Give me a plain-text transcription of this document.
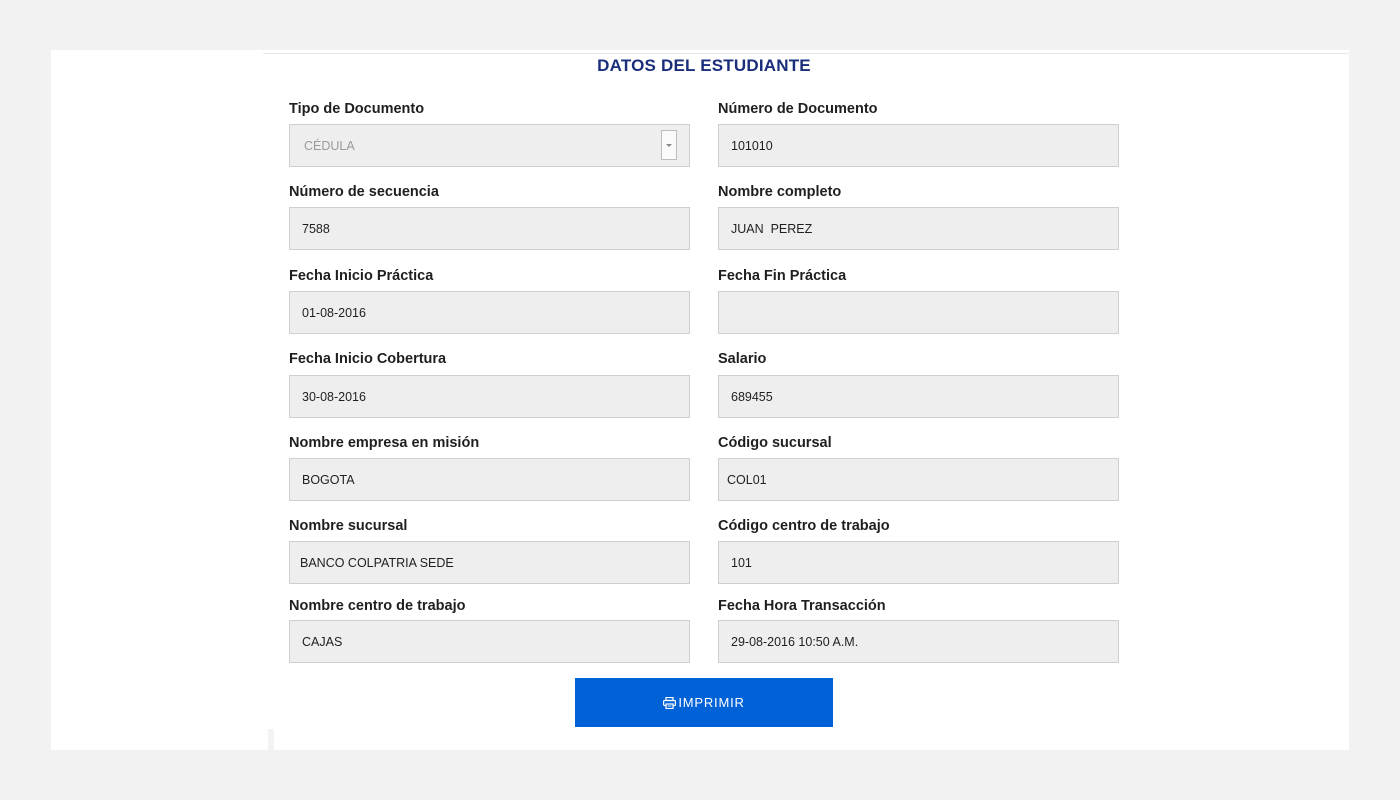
DATOS DEL ESTUDIANTE
Tipo de Documento
CÉDULA
Número de Documento
101010
Número de secuencia
7588
Nombre completo
JUAN  PEREZ
Fecha Inicio Práctica
01-08-2016
Fecha Fin Práctica
Fecha Inicio Cobertura
30-08-2016
Salario
689455
Nombre empresa en misión
BOGOTA
Código sucursal
COL01
Nombre sucursal
BANCO COLPATRIA SEDE
Código centro de trabajo
101
Nombre centro de trabajo
CAJAS
Fecha Hora Transacción
29-08-2016 10:50 A.M.
IMPRIMIR
